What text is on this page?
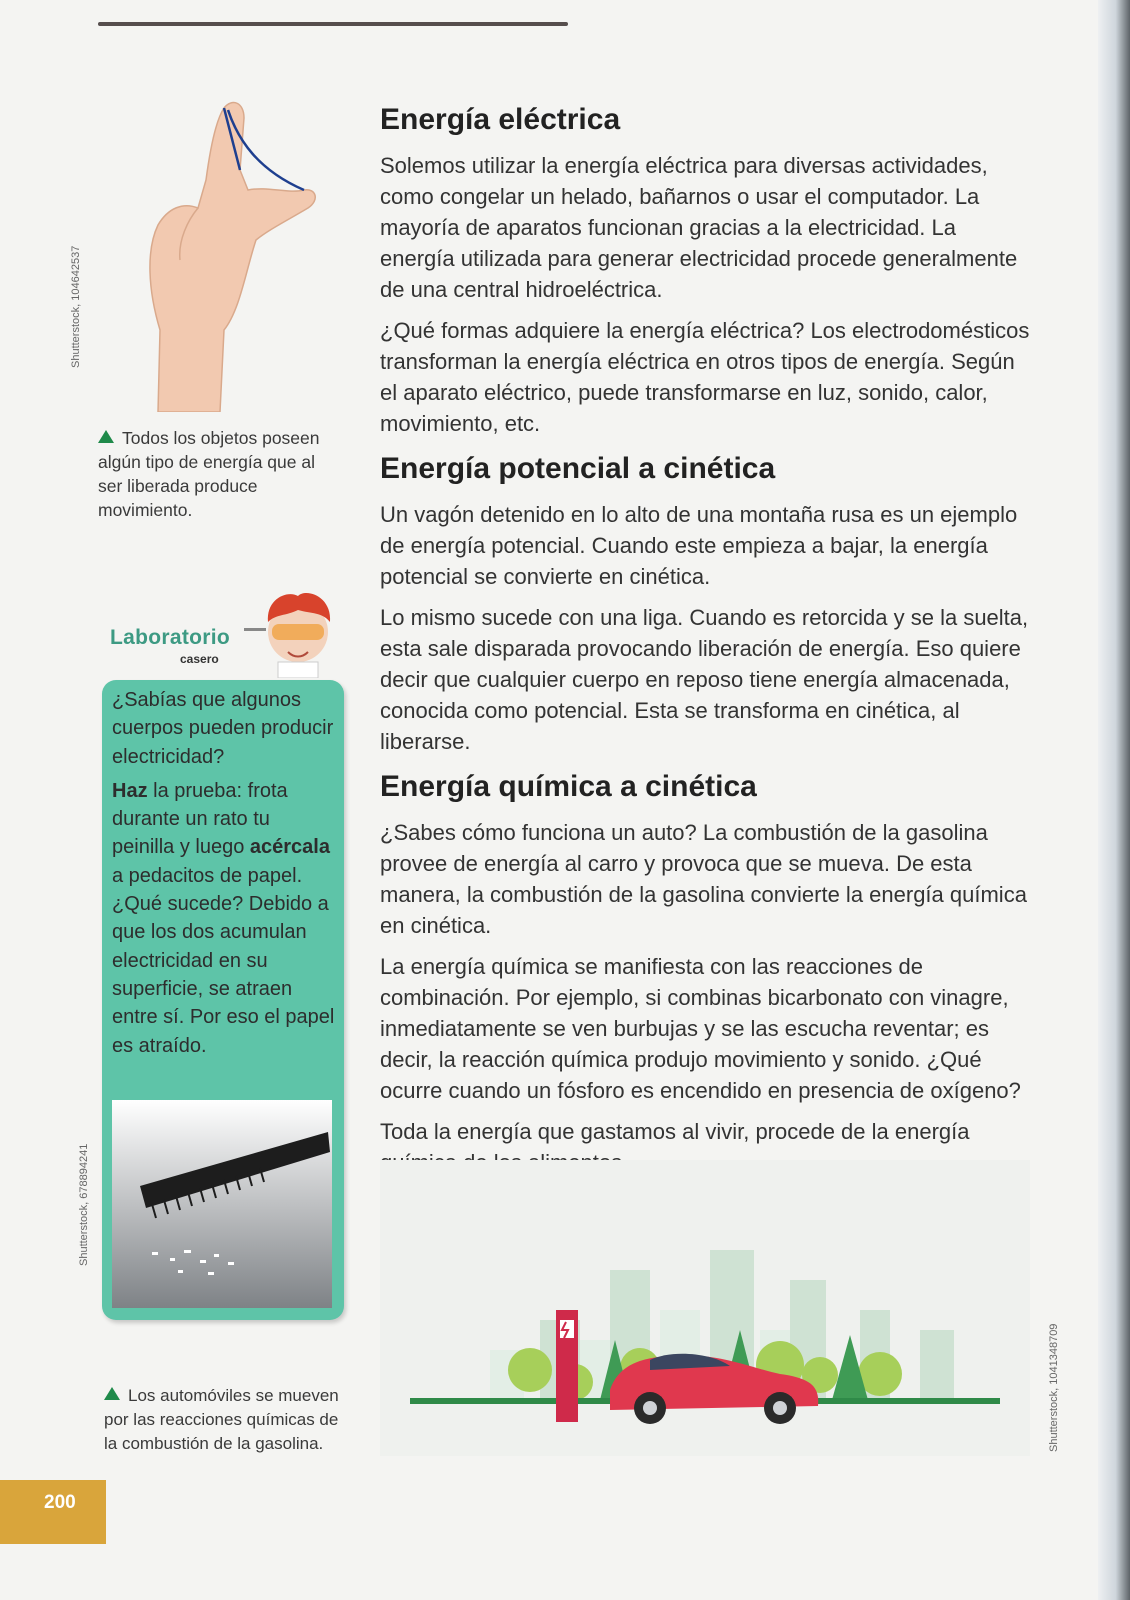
Shutterstock, 104642537
Shutterstock, 678894241
Shutterstock, 1041348709
Todos los objetos poseen algún tipo de energía que al ser liberada produce movimiento.
Laboratorio
casero

¿Sabías que algunos cuerpos pueden producir electricidad?

Haz la prueba: frota durante un rato tu peinilla y luego acércala a pedacitos de papel. ¿Qué sucede? Debido a que los dos acumulan electricidad en su superficie, se atraen entre sí. Por eso el papel es atraído.

Los automóviles se mueven por las reacciones químicas de la combustión de la gasolina.
Energía eléctrica

Solemos utilizar la energía eléctrica para diversas actividades, como congelar un helado, bañarnos o usar el computador. La mayoría de aparatos funcionan gracias a la electricidad. La energía utilizada para generar electricidad procede generalmente de una central hidroeléctrica.

¿Qué formas adquiere la energía eléctrica? Los electrodomésticos transforman la energía eléctrica en otros tipos de energía. Según el aparato eléctrico, puede transformarse en luz, sonido, calor, movimiento, etc.

Energía potencial a cinética

Un vagón detenido en lo alto de una montaña rusa es un ejemplo de energía potencial. Cuando este empieza a bajar, la energía potencial se convierte en cinética.

Lo mismo sucede con una liga. Cuando es retorcida y se la suelta, esta sale disparada provocando liberación de energía. Eso quiere decir que cualquier cuerpo en reposo tiene energía almacenada, conocida como potencial. Esta se transforma en cinética, al liberarse.

Energía química a cinética

¿Sabes cómo funciona un auto? La combustión de la gasolina provee de energía al carro y provoca que se mueva. De esta manera, la combustión de la gasolina convierte la energía química en cinética.

La energía química se manifiesta con las reacciones de combinación. Por ejemplo, si combinas bicarbonato con vinagre, inmediatamente se ven burbujas y se las escucha reventar; es decir, la reacción química produjo movimiento y sonido. ¿Qué ocurre cuando un fósforo es encendido en presencia de oxígeno?

Toda la energía que gastamos al vivir, procede de la energía

200
